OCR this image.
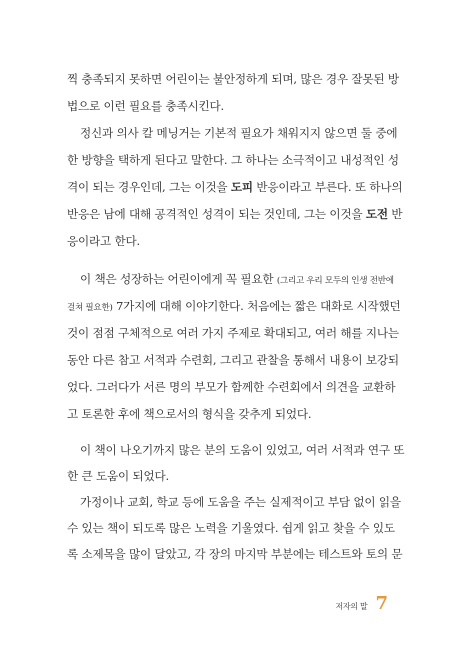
찍 충족되지 못하면 어린이는 불안정하게 되며, 많은 경우 잘못된 방
법으로 이런 필요를 충족시킨다.
정신과 의사 칼 메닝거는 기본적 필요가 채워지지 않으면 둘 중에
한 방향을 택하게 된다고 말한다. 그 하나는 소극적이고 내성적인 성
격이 되는 경우인데, 그는 이것을 도피 반응이라고 부른다. 또 하나의
반응은 남에 대해 공격적인 성격이 되는 것인데, 그는 이것을 도전 반
응이라고 한다.
이 책은 성장하는 어린이에게 꼭 필요한 (그리고 우리 모두의 인생 전반에
걸쳐 필요한) 7가지에 대해 이야기한다. 처음에는 짧은 대화로 시작했던
것이 점점 구체적으로 여러 가지 주제로 확대되고, 여러 해를 지나는
동안 다른 참고 서적과 수련회, 그리고 관찰을 통해서 내용이 보강되
었다. 그러다가 서른 명의 부모가 함께한 수련회에서 의견을 교환하
고 토론한 후에 책으로서의 형식을 갖추게 되었다.
이 책이 나오기까지 많은 분의 도움이 있었고, 여러 서적과 연구 또
한 큰 도움이 되었다.
가정이나 교회, 학교 등에 도움을 주는 실제적이고 부담 없이 읽을
수 있는 책이 되도록 많은 노력을 기울였다. 쉽게 읽고 찾을 수 있도
록 소제목을 많이 달았고, 각 장의 마지막 부분에는 테스트와 토의 문
저자의 말 7
